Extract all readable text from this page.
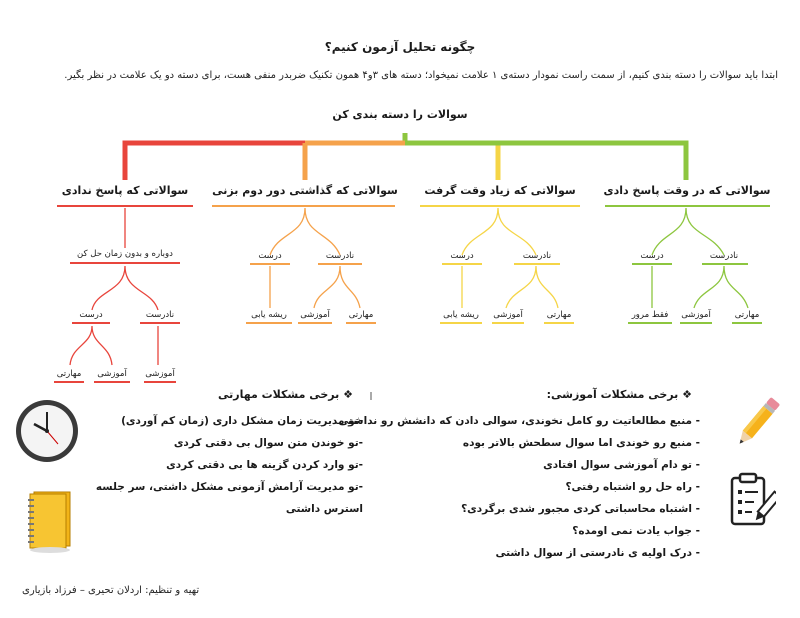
چگونه تحلیل آزمون کنیم؟
ابتدا باید سوالات را دسته بندی کنیم، از سمت راست نمودار دسته‌ی ۱ علامت نمیخواد؛ دسته های ۳و۴ همون تکنیک ضربدر منفی هست، برای دسته دو یک علامت در نظر بگیر.
سوالات را دسته بندی کن
سوالاتی که در وقت پاسخ دادی
سوالاتی که زیاد وقت گرفت
سوالاتی که گذاشتی دور دوم بزنی
سوالاتی که پاسخ ندادی
نادرست
درست
مهارتی
آموزشی
فقط مرور
نادرست
درست
مهارتی
آموزشی
ریشه یابی
نادرست
درست
مهارتی
آموزشی
ریشه یابی
دوباره و بدون زمان حل کن
نادرست
درست
آموزشی
آموزشی
مهارتی
❖ برخی مشکلات آموزشی:
- منبع مطالعاتیت رو کامل نخوندی، سوالی دادن که دانشش رو نداشتی
- منبع رو خوندی اما سوال سطحش بالاتر بوده
- تو دام آموزشی سوال افتادی
- راه حل رو اشتباه رفتی؟
- اشتباه محاسباتی کردی مجبور شدی برگردی؟
- جواب یادت نمی اومده؟
- درک اولیه ی نادرستی از سوال داشتی
❖ برخی مشکلات مهارتی
-تو مدیریت زمان مشکل داری (زمان کم آوردی)
-تو خوندن متن سوال بی دقتی کردی
-تو وارد کردن گزینه ها بی دقتی کردی
-تو مدیریت آرامش آزمونی مشکل داشتی، سر جلسه
استرس داشتی
تهیه و تنظیم: اردلان تحیری – فرزاد بازیاری
